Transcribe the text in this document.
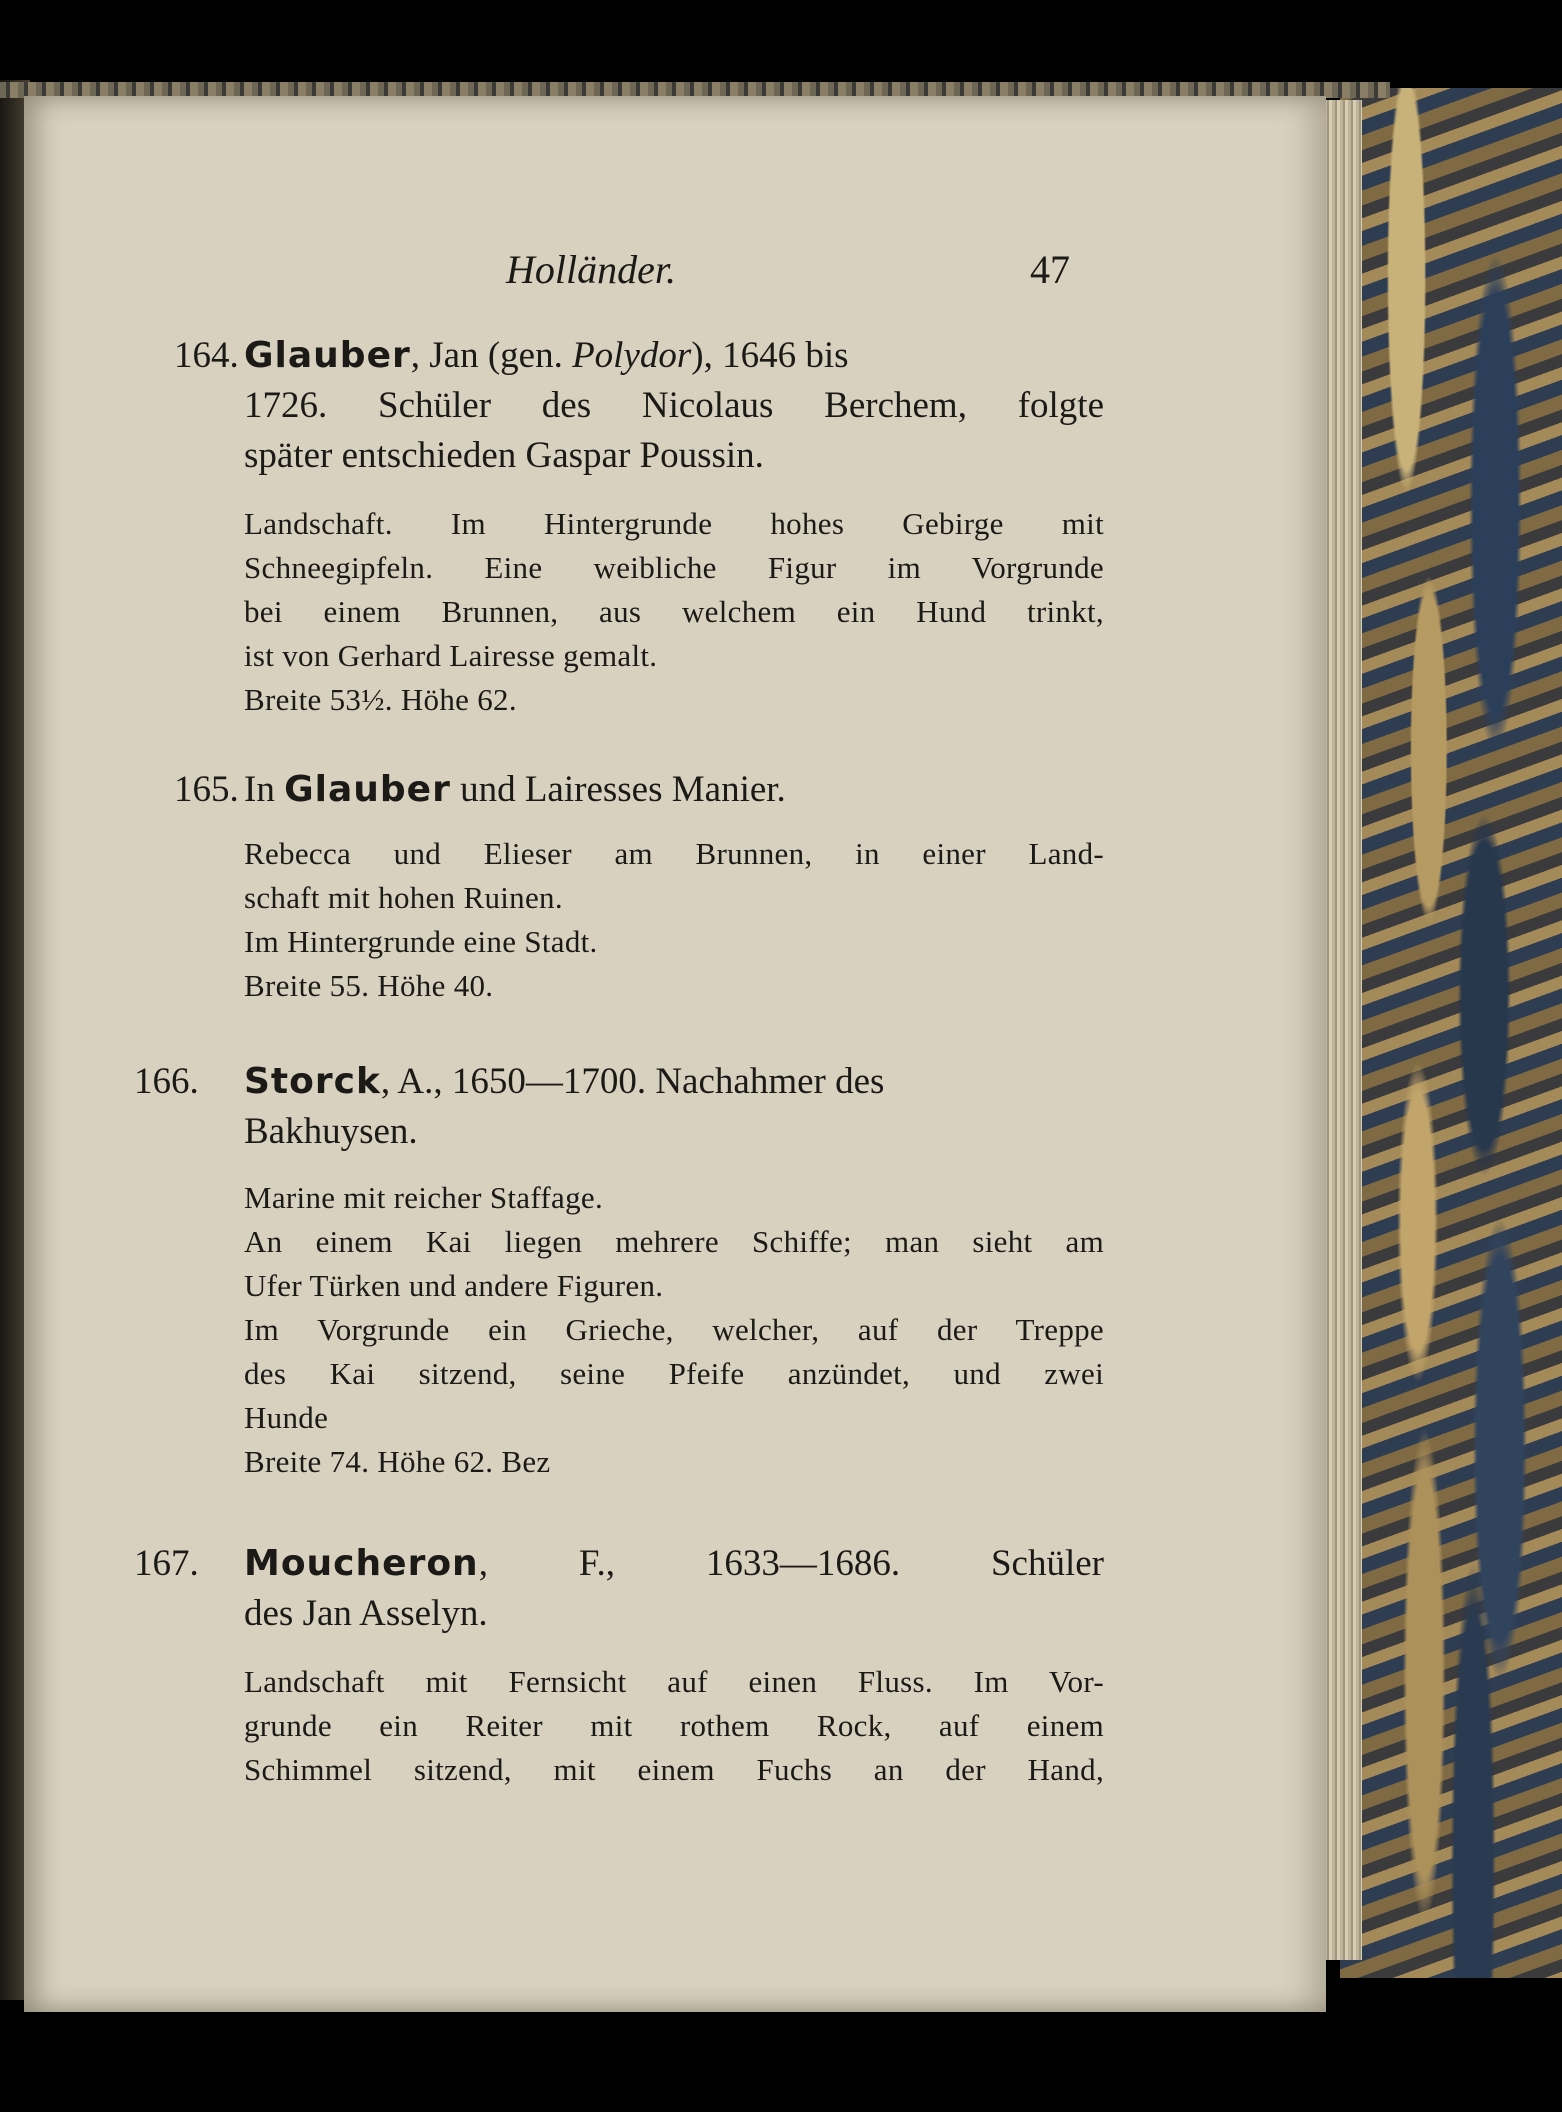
Holländer.	47
164. Glauber, Jan (gen. Polydor), 1646 bis
1726. Schüler des Nicolaus Berchem, folgte
später entschieden Gaspar Poussin.
Landschaft. Im Hintergrunde hohes Gebirge mit
Schneegipfeln. Eine weibliche Figur im Vorgrunde
bei einem Brunnen, aus welchem ein Hund trinkt,
ist von Gerhard Lairesse gemalt.
Breite 53½. Höhe 62.
165. In Glauber und Lairesses Manier.
Rebecca und Elieser am Brunnen, in einer Land-
schaft mit hohen Ruinen.
Im Hintergrunde eine Stadt.
Breite 55. Höhe 40.
166. Storck, A., 1650—1700. Nachahmer des
Bakhuysen.
Marine mit reicher Staffage.
An einem Kai liegen mehrere Schiffe; man sieht am
Ufer Türken und andere Figuren.
Im Vorgrunde ein Grieche, welcher, auf der Treppe
des Kai sitzend, seine Pfeife anzündet, und zwei
Hunde
Breite 74. Höhe 62. Bez
167. Moucheron, F., 1633—1686. Schüler
des Jan Asselyn.
Landschaft mit Fernsicht auf einen Fluss. Im Vor-
grunde ein Reiter mit rothem Rock, auf einem
Schimmel sitzend, mit einem Fuchs an der Hand,
